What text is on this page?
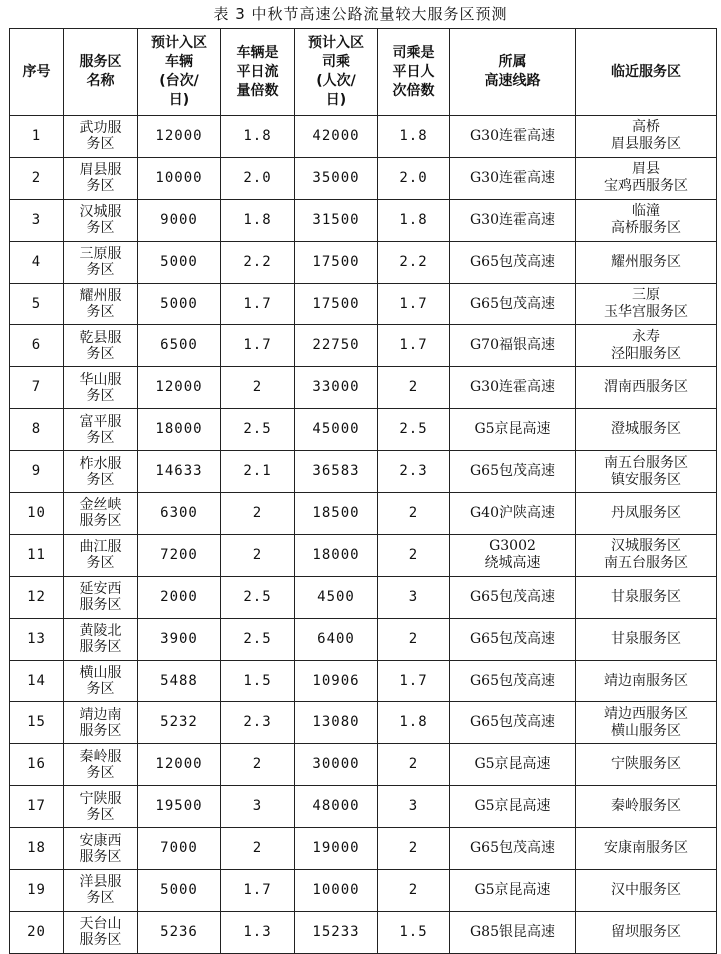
表 3 中秋节高速公路流量较大服务区预测
序号	服务区
名称	预计入区
车辆
(台次/
日)	车辆是
平日流
量倍数	预计入区
司乘
(人次/
日)	司乘是
平日人
次倍数	所属
高速线路	临近服务区
1	武功服
务区	12000	1.8	42000	1.8	G30连霍高速	高桥
眉县服务区
2	眉县服
务区	10000	2.0	35000	2.0	G30连霍高速	眉县
宝鸡西服务区
3	汉城服
务区	9000	1.8	31500	1.8	G30连霍高速	临潼
高桥服务区
4	三原服
务区	5000	2.2	17500	2.2	G65包茂高速	耀州服务区
5	耀州服
务区	5000	1.7	17500	1.7	G65包茂高速	三原
玉华宫服务区
6	乾县服
务区	6500	1.7	22750	1.7	G70福银高速	永寿
泾阳服务区
7	华山服
务区	12000	2	33000	2	G30连霍高速	渭南西服务区
8	富平服
务区	18000	2.5	45000	2.5	G5京昆高速	澄城服务区
9	柞水服
务区	14633	2.1	36583	2.3	G65包茂高速	南五台服务区
镇安服务区
10	金丝峡
服务区	6300	2	18500	2	G40沪陕高速	丹凤服务区
11	曲江服
务区	7200	2	18000	2	G3002
绕城高速	汉城服务区
南五台服务区
12	延安西
服务区	2000	2.5	4500	3	G65包茂高速	甘泉服务区
13	黄陵北
服务区	3900	2.5	6400	2	G65包茂高速	甘泉服务区
14	横山服
务区	5488	1.5	10906	1.7	G65包茂高速	靖边南服务区
15	靖边南
服务区	5232	2.3	13080	1.8	G65包茂高速	靖边西服务区
横山服务区
16	秦岭服
务区	12000	2	30000	2	G5京昆高速	宁陕服务区
17	宁陕服
务区	19500	3	48000	3	G5京昆高速	秦岭服务区
18	安康西
服务区	7000	2	19000	2	G65包茂高速	安康南服务区
19	洋县服
务区	5000	1.7	10000	2	G5京昆高速	汉中服务区
20	天台山
服务区	5236	1.3	15233	1.5	G85银昆高速	留坝服务区
